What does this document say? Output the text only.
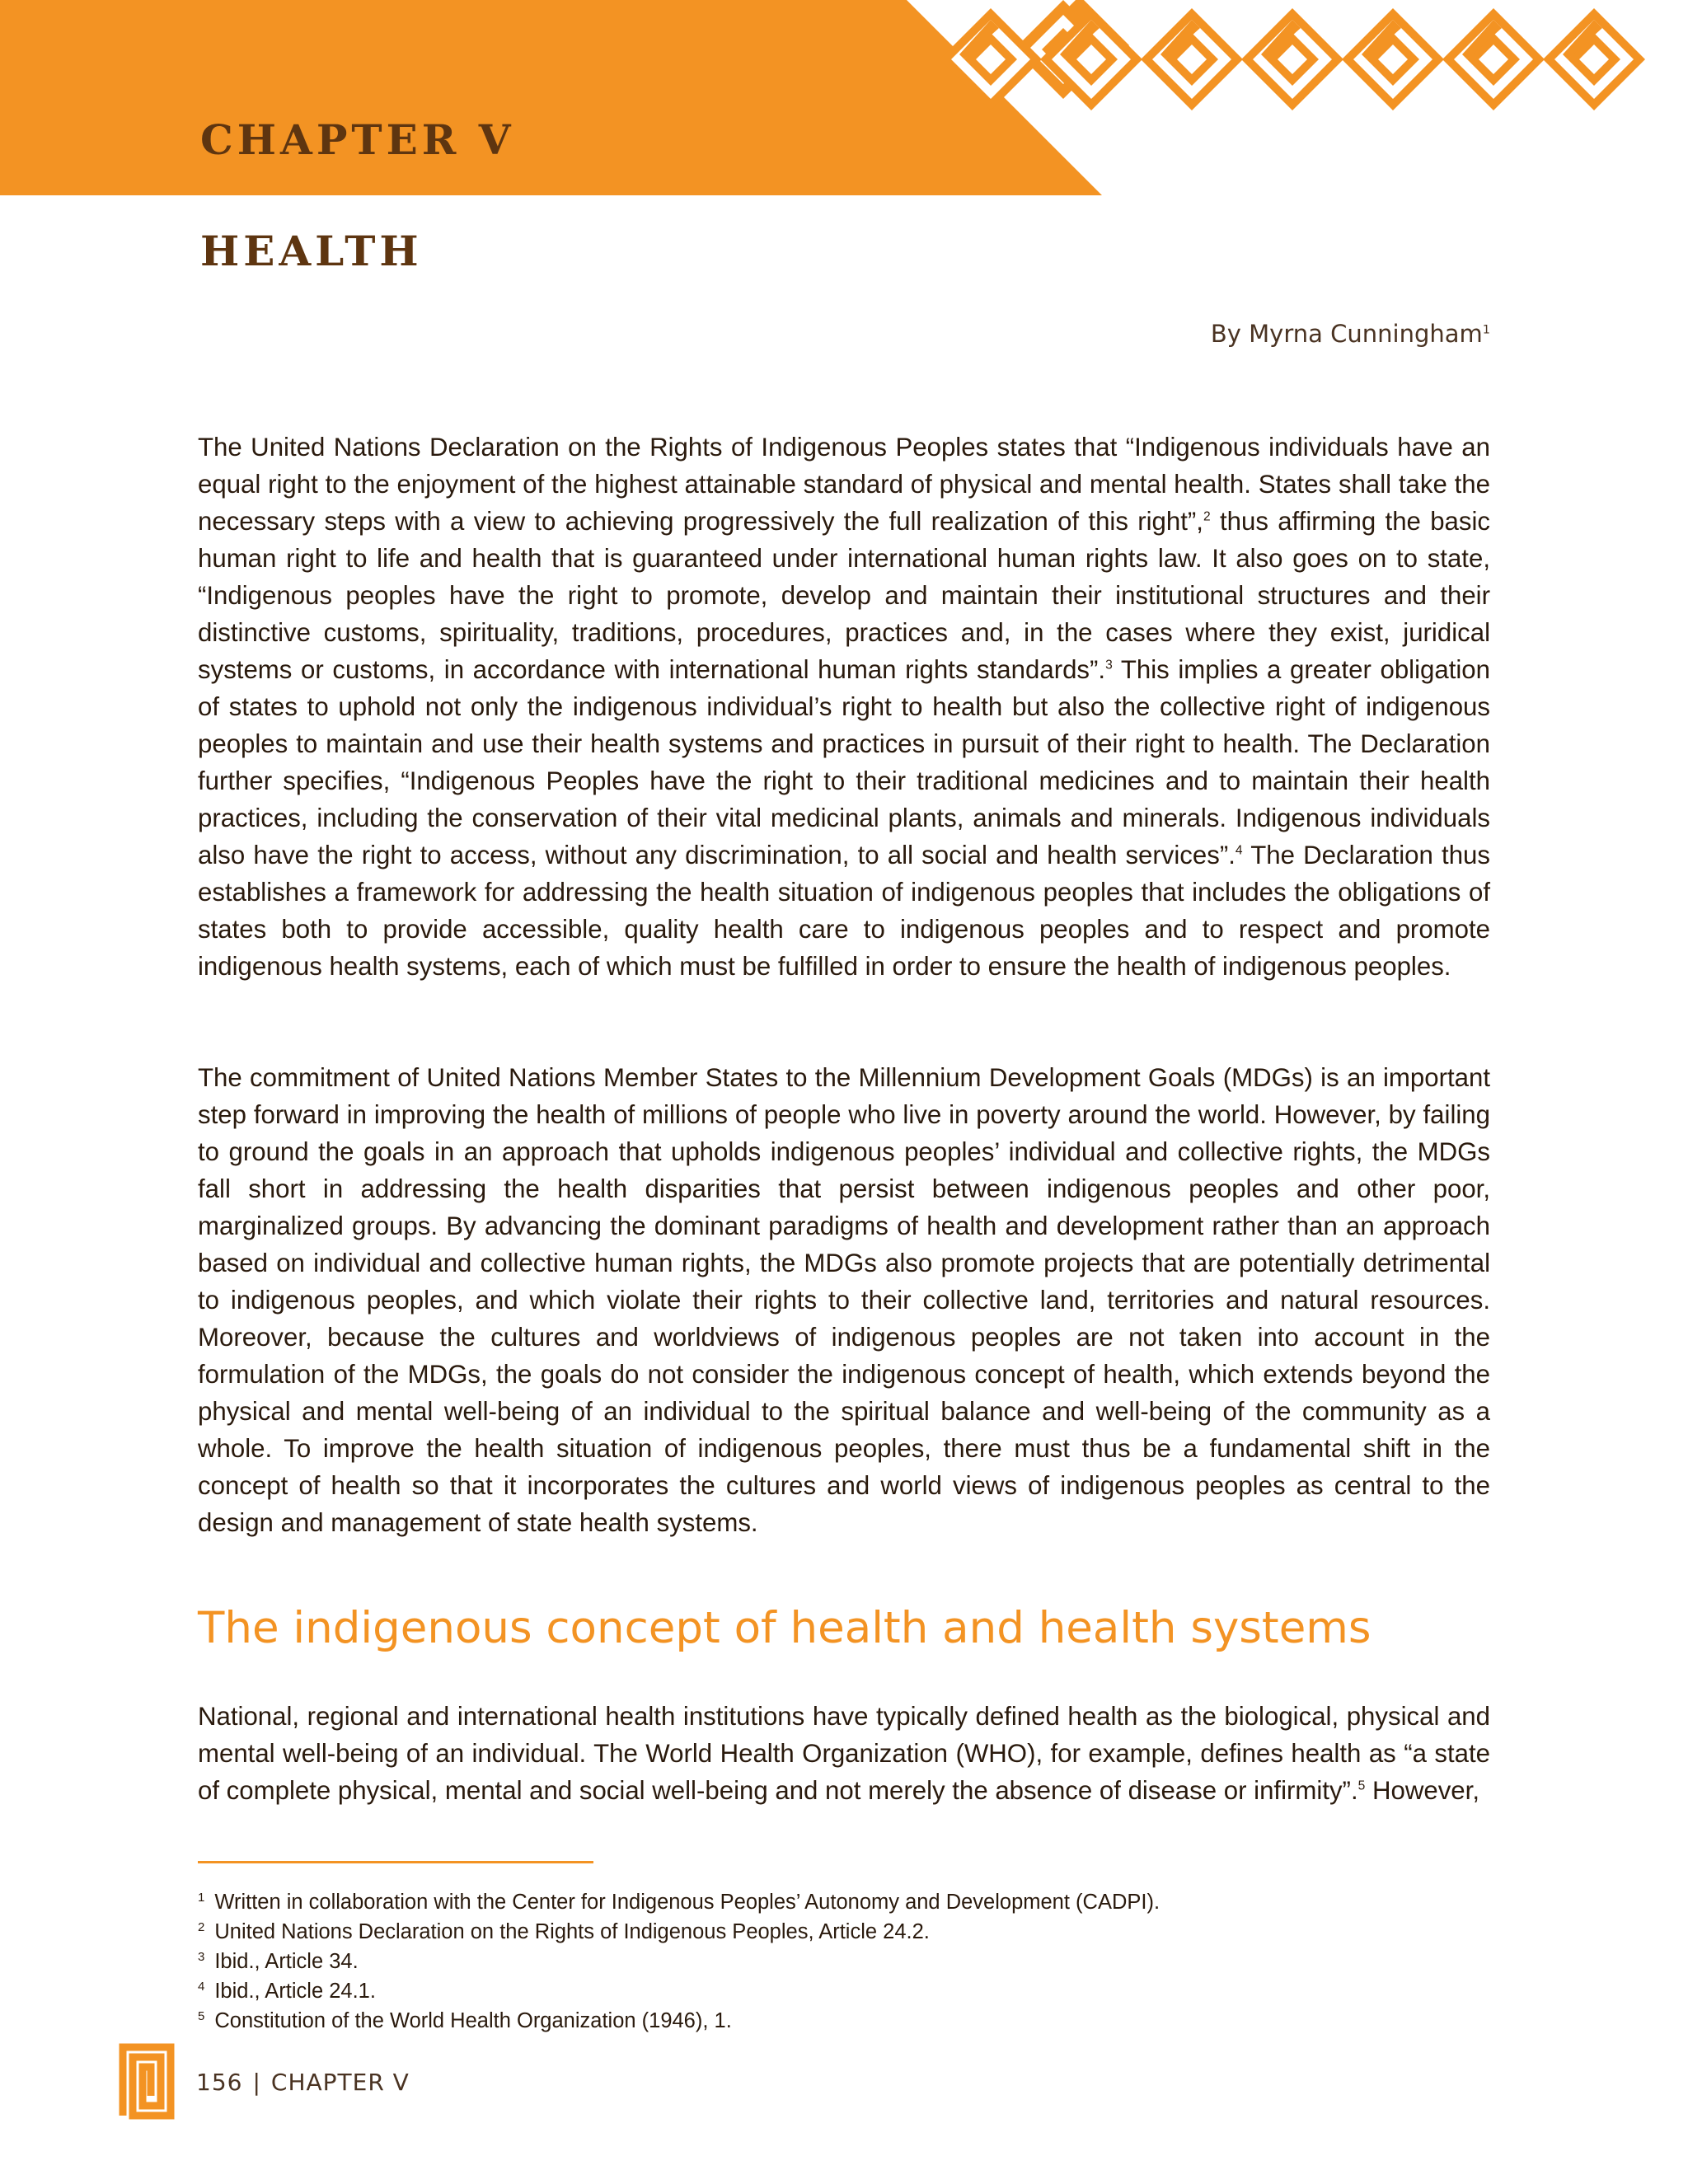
CHAPTER V
HEALTH
By Myrna Cunningham$^1$

The United Nations Declaration on the Rights of Indigenous Peoples states that “Indigenous individuals have an equal right to the enjoyment of the highest attainable standard of physical and mental health. States shall take the necessary steps with a view to achieving progressively the full realization of this right”,$^2$ thus affirming the basic human right to life and health that is guaranteed under international human rights law. It also goes on to state, “Indigenous peoples have the right to promote, develop and maintain their institutional structures and their distinctive customs, spirituality, traditions, procedures, practices and, in the cases where they exist, juridical systems or customs, in accordance with international human rights standards”.$^3$ This implies a greater obligation of states to uphold not only the indigenous individual’s right to health but also the collective right of indigenous peoples to maintain and use their health systems and practices in pursuit of their right to health. The Declaration further specifies, “Indigenous Peoples have the right to their traditional medicines and to maintain their health practices, including the conservation of their vital medicinal plants, animals and minerals. Indigenous individuals also have the right to access, without any discrimination, to all social and health services”.$^4$ The Declaration thus establishes a framework for addressing the health situation of indigenous peoples that includes the obligations of states both to provide accessible, quality health care to indigenous peoples and to respect and promote indigenous health systems, each of which must be fulfilled in order to ensure the health of indigenous peoples.

The commitment of United Nations Member States to the Millennium Development Goals (MDGs) is an important step forward in improving the health of millions of people who live in poverty around the world. However, by failing to ground the goals in an approach that upholds indigenous peoples’ individual and collective rights, the MDGs fall short in addressing the health disparities that persist between indigenous peoples and other poor, marginalized groups. By advancing the dominant paradigms of health and development rather than an approach based on individual and collective human rights, the MDGs also promote projects that are potentially detrimental to indigenous peoples, and which violate their rights to their collective land, territories and natural resources. Moreover, because the cultures and worldviews of indigenous peoples are not taken into account in the formulation of the MDGs, the goals do not consider the indigenous concept of health, which extends beyond the physical and mental well-being of an individual to the spiritual balance and well-being of the community as a whole. To improve the health situation of indigenous peoples, there must thus be a fundamental shift in the concept of health so that it incorporates the cultures and world views of indigenous peoples as central to the design and management of state health systems.

The indigenous concept of health and health systems

National, regional and international health institutions have typically defined health as the biological, physical and mental well-being of an individual. The World Health Organization (WHO), for example, defines health as “a state of complete physical, mental and social well-being and not merely the absence of disease or infirmity”.$^5$ However,

1 Written in collaboration with the Center for Indigenous Peoples’ Autonomy and Development (CADPI).
2 United Nations Declaration on the Rights of Indigenous Peoples, Article 24.2.
3 Ibid., Article 34.
4 Ibid., Article 24.1.
5 Constitution of the World Health Organization (1946), 1.
156 | CHAPTER V
